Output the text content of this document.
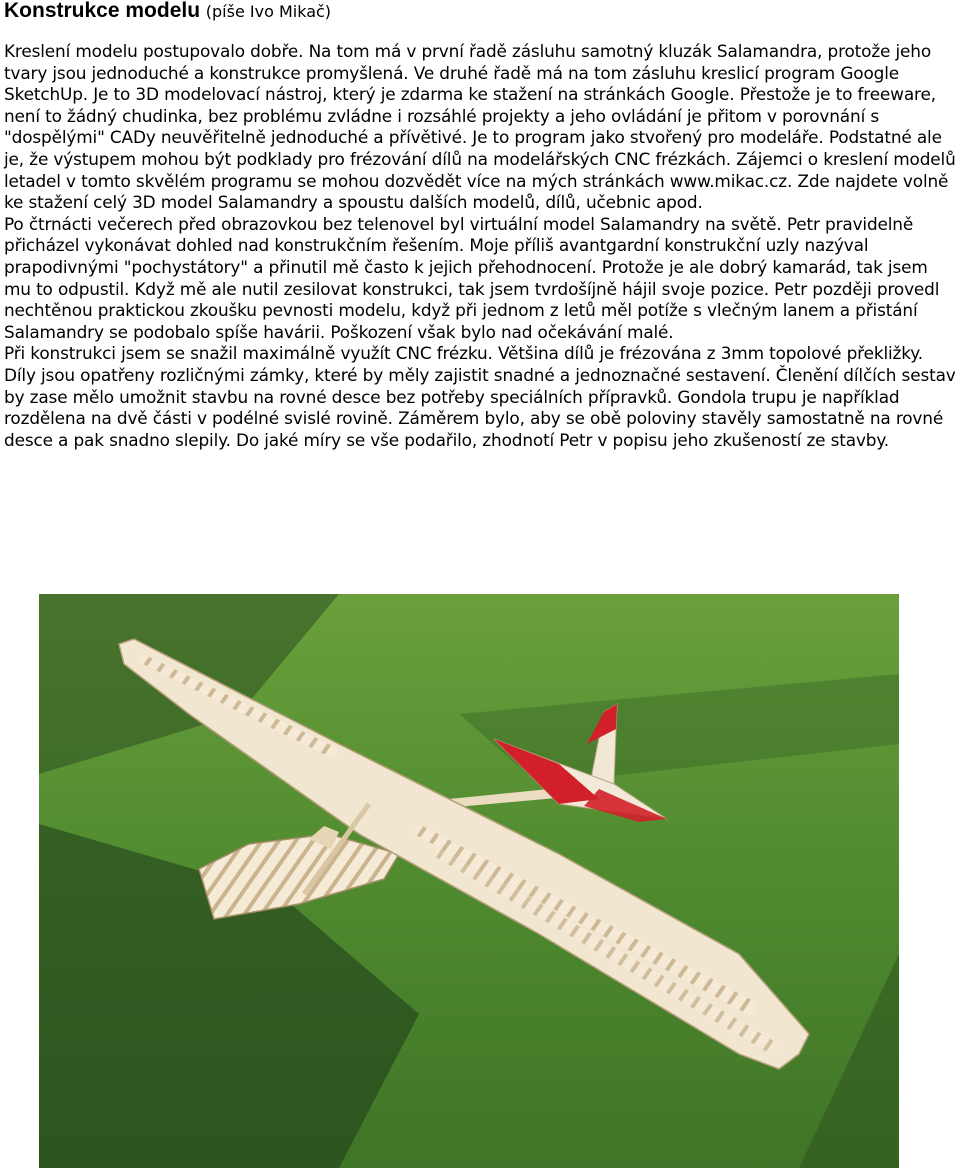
Konstrukce modelu (píše Ivo Mikač)

Kreslení modelu postupovalo dobře. Na tom má v první řadě zásluhu samotný kluzák Salamandra, protože jeho tvary jsou jednoduché a konstrukce promyšlená. Ve druhé řadě má na tom zásluhu kreslicí program Google SketchUp. Je to 3D modelovací nástroj, který je zdarma ke stažení na stránkách Google. Přestože je to freeware, není to žádný chudinka, bez problému zvládne i rozsáhlé projekty a jeho ovládání je přitom v porovnání s "dospělými" CADy neuvěřitelně jednoduché a přívětivé. Je to program jako stvořený pro modeláře. Podstatné ale je, že výstupem mohou být podklady pro frézování dílů na modelářských CNC frézkách. Zájemci o kreslení modelů letadel v tomto skvělém programu se mohou dozvědět více na mých stránkách www.mikac.cz. Zde najdete volně ke stažení celý 3D model Salamandry a spoustu dalších modelů, dílů, učebnic apod.

Po čtrnácti večerech před obrazovkou bez telenovel byl virtuální model Salamandry na světě. Petr pravidelně přicházel vykonávat dohled nad konstrukčním řešením. Moje příliš avantgardní konstrukční uzly nazýval prapodivnými "pochystátory" a přinutil mě často k jejich přehodnocení. Protože je ale dobrý kamarád, tak jsem mu to odpustil. Když mě ale nutil zesilovat konstrukci, tak jsem tvrdošíjně hájil svoje pozice. Petr později provedl nechtěnou praktickou zkoušku pevnosti modelu, když při jednom z letů měl potíže s vlečným lanem a přistání Salamandry se podobalo spíše havárii. Poškození však bylo nad očekávání malé.

Při konstrukci jsem se snažil maximálně využít CNC frézku. Většina dílů je frézována z 3mm topolové překližky. Díly jsou opatřeny rozličnými zámky, které by měly zajistit snadné a jednoznačné sestavení. Členění dílčích sestav by zase mělo umožnit stavbu na rovné desce bez potřeby speciálních přípravků. Gondola trupu je například rozdělena na dvě části v podélné svislé rovině. Záměrem bylo, aby se obě poloviny stavěly samostatně na rovné desce a pak snadno slepily. Do jaké míry se vše podařilo, zhodnotí Petr v popisu jeho zkušeností ze stavby.
